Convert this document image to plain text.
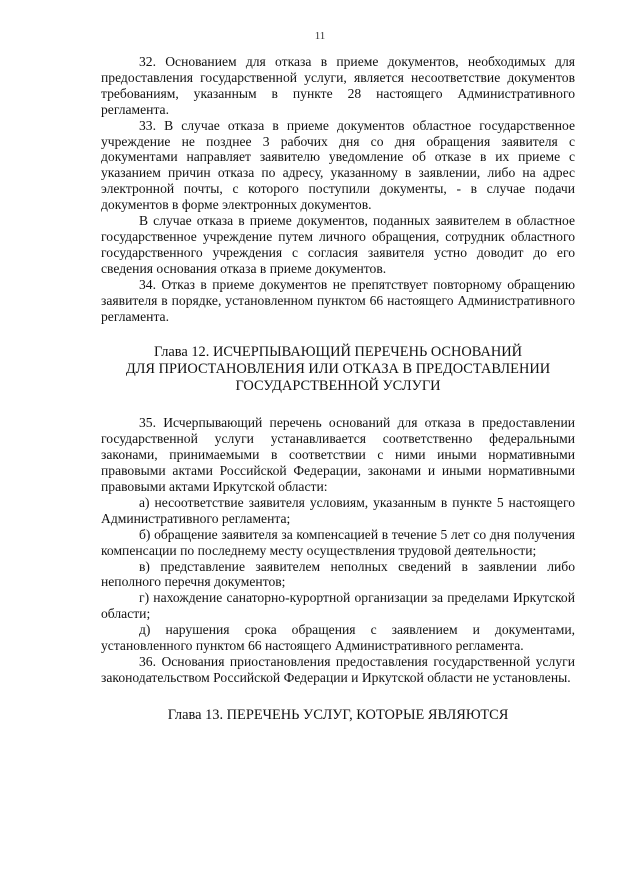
11

32. Основанием для отказа в приеме документов, необходимых для предоставления государственной услуги, является несоответствие документов требованиям, указанным в пункте 28 настоящего Административного регламента.

33. В случае отказа в приеме документов областное государственное учреждение не позднее 3 рабочих дня со дня обращения заявителя с документами направляет заявителю уведомление об отказе в их приеме с указанием причин отказа по адресу, указанному в заявлении, либо на адрес электронной почты, с которого поступили документы, - в случае подачи документов в форме электронных документов.

В случае отказа в приеме документов, поданных заявителем в областное государственное учреждение путем личного обращения, сотрудник областного государственного учреждения с согласия заявителя устно доводит до его сведения основания отказа в приеме документов.

34. Отказ в приеме документов не препятствует повторному обращению заявителя в порядке, установленном пунктом 66 настоящего Административного регламента.

Глава 12. ИСЧЕРПЫВАЮЩИЙ ПЕРЕЧЕНЬ ОСНОВАНИЙ
ДЛЯ ПРИОСТАНОВЛЕНИЯ ИЛИ ОТКАЗА В ПРЕДОСТАВЛЕНИИ
ГОСУДАРСТВЕННОЙ УСЛУГИ

35. Исчерпывающий перечень оснований для отказа в предоставлении государственной услуги устанавливается соответственно федеральными законами, принимаемыми в соответствии с ними иными нормативными правовыми актами Российской Федерации, законами и иными нормативными правовыми актами Иркутской области:

а) несоответствие заявителя условиям, указанным в пункте 5 настоящего Административного регламента;

б) обращение заявителя за компенсацией в течение 5 лет со дня получения компенсации по последнему месту осуществления трудовой деятельности;

в) представление заявителем неполных сведений в заявлении либо неполного перечня документов;

г) нахождение санаторно-курортной организации за пределами Иркутской области;

д) нарушения срока обращения с заявлением и документами, установленного пунктом 66 настоящего Административного регламента.

36. Основания приостановления предоставления государственной услуги законодательством Российской Федерации и Иркутской области не установлены.

Глава 13. ПЕРЕЧЕНЬ УСЛУГ, КОТОРЫЕ ЯВЛЯЮТСЯ
